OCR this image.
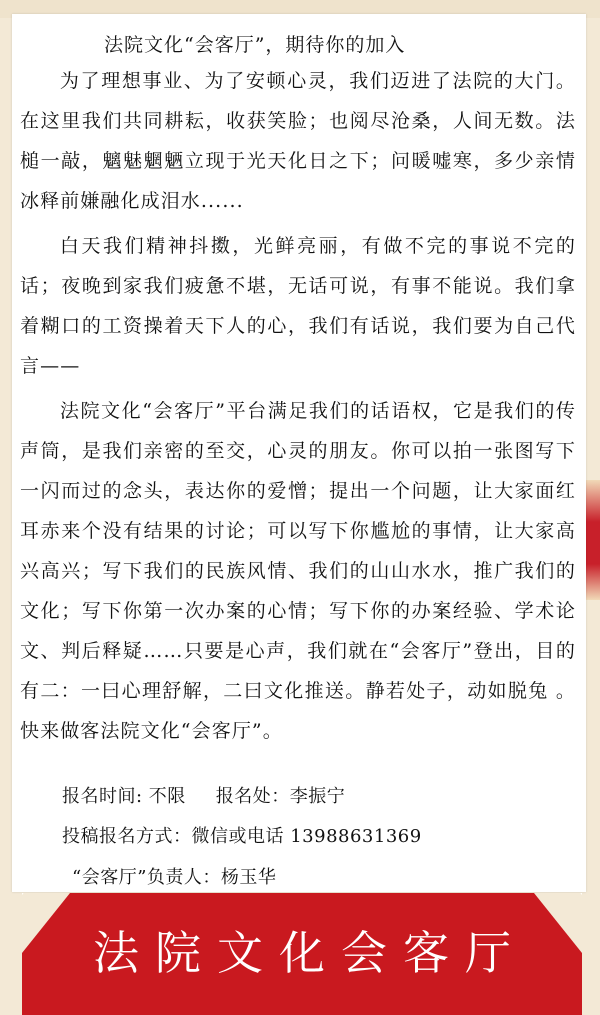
法院文化“会客厅”，期待你的加入
为了理想事业、为了安顿心灵，我们迈进了法院的大门。在这里我们共同耕耘，收获笑脸；也阅尽沧桑，人间无数。法槌一敲，魑魅魍魉立现于光天化日之下；问暖嘘寒，多少亲情冰释前嫌融化成泪水......
白天我们精神抖擞，光鲜亮丽，有做不完的事说不完的话；夜晚到家我们疲惫不堪，无话可说，有事不能说。我们拿着糊口的工资操着天下人的心，我们有话说，我们要为自己代言——
法院文化“会客厅”平台满足我们的话语权，它是我们的传声筒，是我们亲密的至交，心灵的朋友。你可以拍一张图写下一闪而过的念头，表达你的爱憎；提出一个问题，让大家面红耳赤来个没有结果的讨论；可以写下你尴尬的事情，让大家高兴高兴；写下我们的民族风情、我们的山山水水，推广我们的文化；写下你第一次办案的心情；写下你的办案经验、学术论文、判后释疑……只要是心声，我们就在“会客厅”登出，目的有二：一曰心理舒解，二曰文化推送。静若处子，动如脱兔 。快来做客法院文化“会客厅”。
报名时间: 不限 报名处：李振宁
投稿报名方式：微信或电话 13988631369
“会客厅”负责人：杨玉华
法院文化会客厅
